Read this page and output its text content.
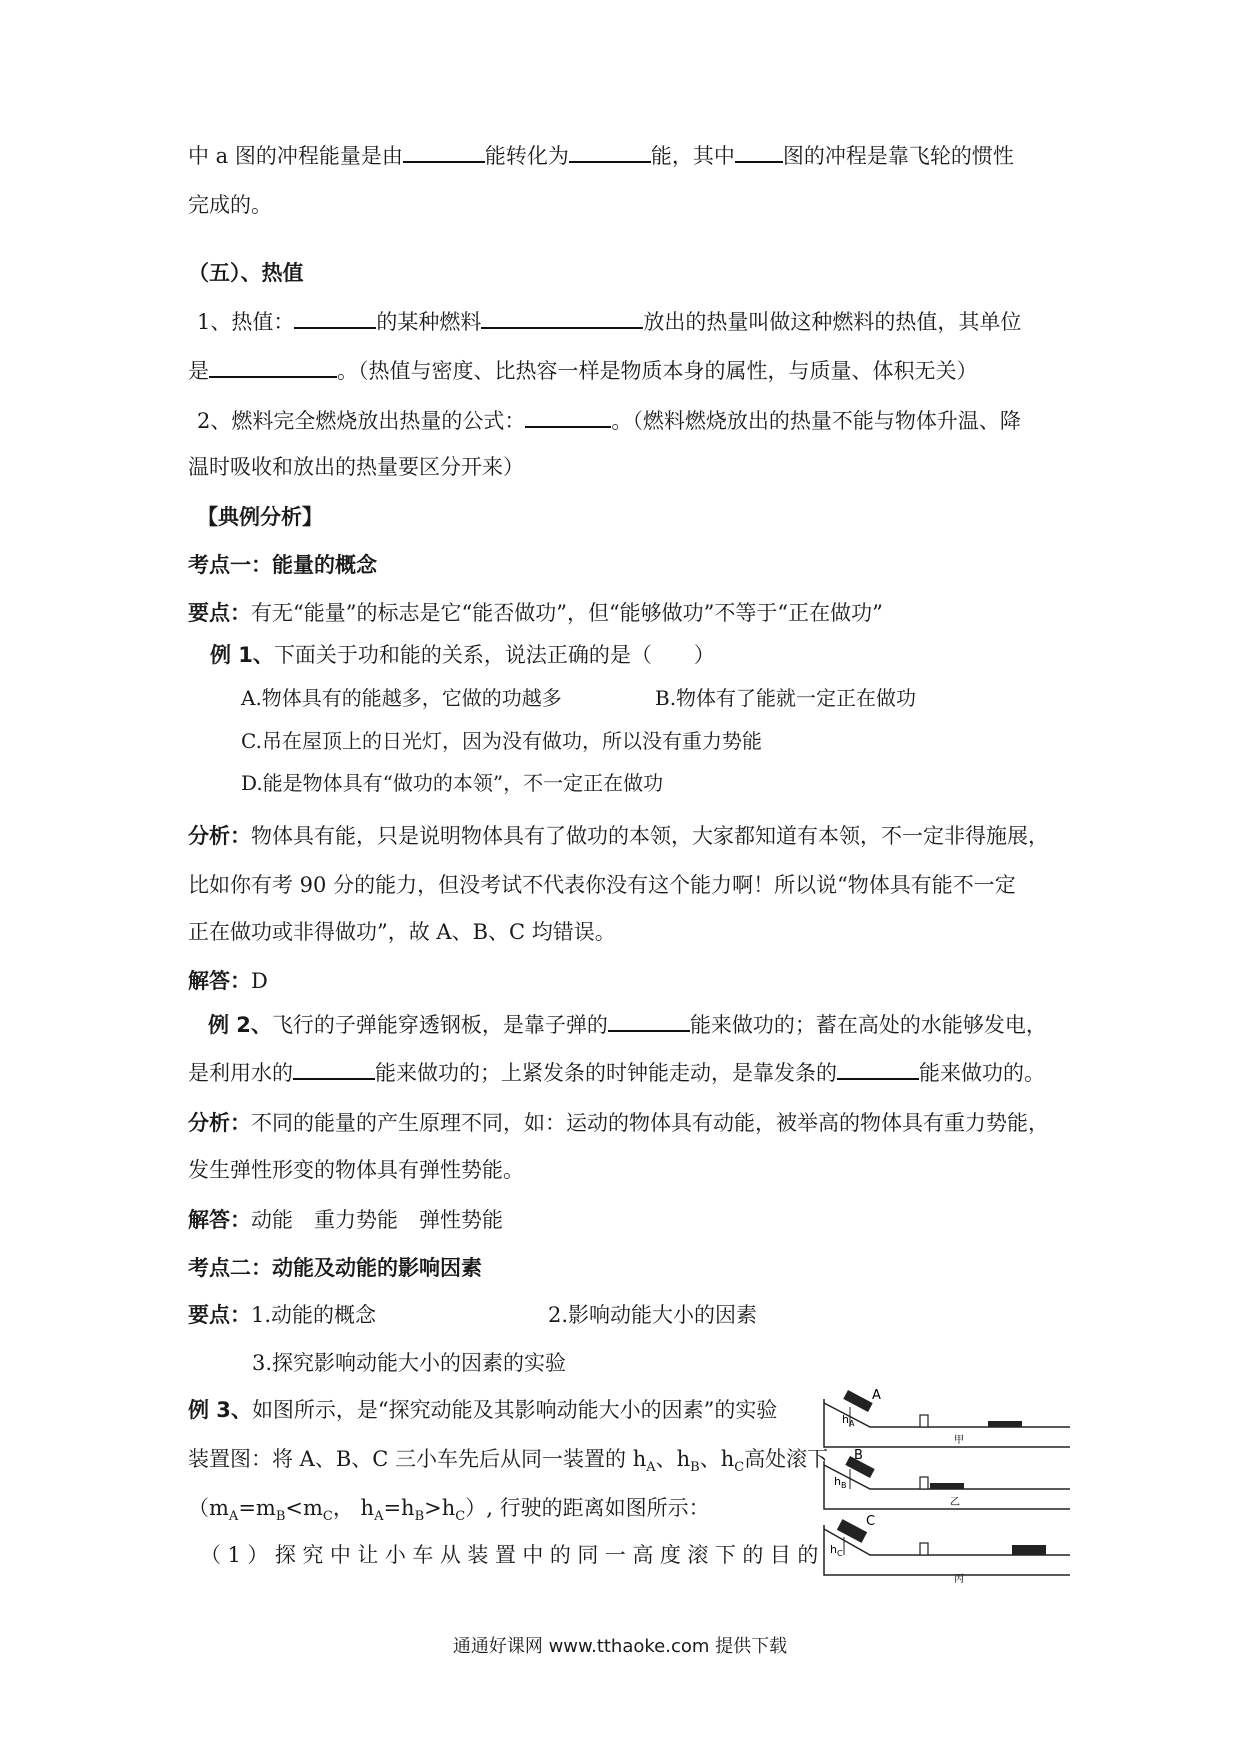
中 a 图的冲程能量是由	能转化为	能，其中 图的冲程是靠飞轮的惯性
完成的。
（五）、热值
1、热值：	的某种燃料	放出的热量叫做这种燃料的热值，其单位
是	。（热值与密度、比热容一样是物质本身的属性，与质量、体积无关）
2、燃料完全燃烧放出热量的公式：	。（燃料燃烧放出的热量不能与物体升温、降
温时吸收和放出的热量要区分开来）
【典例分析】
考点一：能量的概念
要点：有无“能量”的标志是它“能否做功”，但“能够做功”不等于“正在做功”
例 1、下面关于功和能的关系，说法正确的是（　　）
A.物体具有的能越多，它做的功越多	B.物体有了能就一定正在做功
C.吊在屋顶上的日光灯，因为没有做功，所以没有重力势能
D.能是物体具有“做功的本领”，不一定正在做功
分析：物体具有能，只是说明物体具有了做功的本领，大家都知道有本领，不一定非得施展，
比如你有考 90 分的能力，但没考试不代表你没有这个能力啊！所以说“物体具有能不一定
正在做功或非得做功”，故 A、B、C 均错误。
解答：D
例 2、飞行的子弹能穿透钢板，是靠子弹的	能来做功的；蓄在高处的水能够发电，
是利用水的	能来做功的；上紧发条的时钟能走动，是靠发条的	能来做功的。
分析：不同的能量的产生原理不同，如：运动的物体具有动能，被举高的物体具有重力势能，
发生弹性形变的物体具有弹性势能。
解答：动能　重力势能　弹性势能
考点二：动能及动能的影响因素
要点：1.动能的概念	2.影响动能大小的因素
3.探究影响动能大小的因素的实验
例 3、如图所示，是“探究动能及其影响动能大小的因素”的实验
装置图：将 A、B、C 三小车先后从同一装置的 $h_A$、$h_B$、$h_C$高处滚下
（$m_A=m_B<m_C$， $h_A=h_B>h_C$）, 行驶的距离如图所示：
（1）探究中让小车从装置中的同一高度滚下的目的
A
h A
甲
B
h B
乙
C
h C
丙
通通好课网 www.tthaoke.com 提供下载
